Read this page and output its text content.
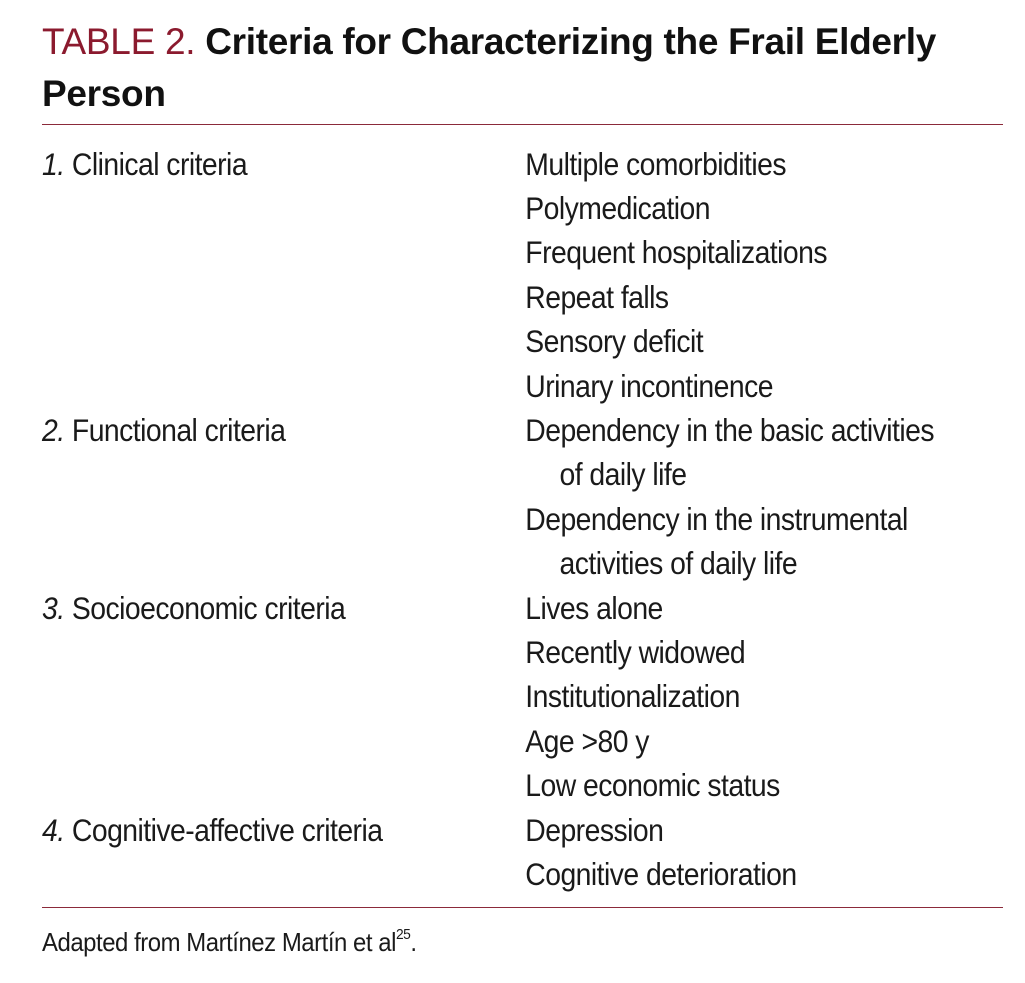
TABLE 2. Criteria for Characterizing the Frail Elderly Person
1. Clinical criteria	Multiple comorbidities
Polymedication
Frequent hospitalizations
Repeat falls
Sensory deficit
Urinary incontinence
2. Functional criteria	Dependency in the basic activities
of daily life
Dependency in the instrumental
activities of daily life
3. Socioeconomic criteria	Lives alone
Recently widowed
Institutionalization
Age >80 y
Low economic status
4. Cognitive-affective criteria	Depression
Cognitive deterioration
Adapted from Martínez Martín et $al^{25}$.
